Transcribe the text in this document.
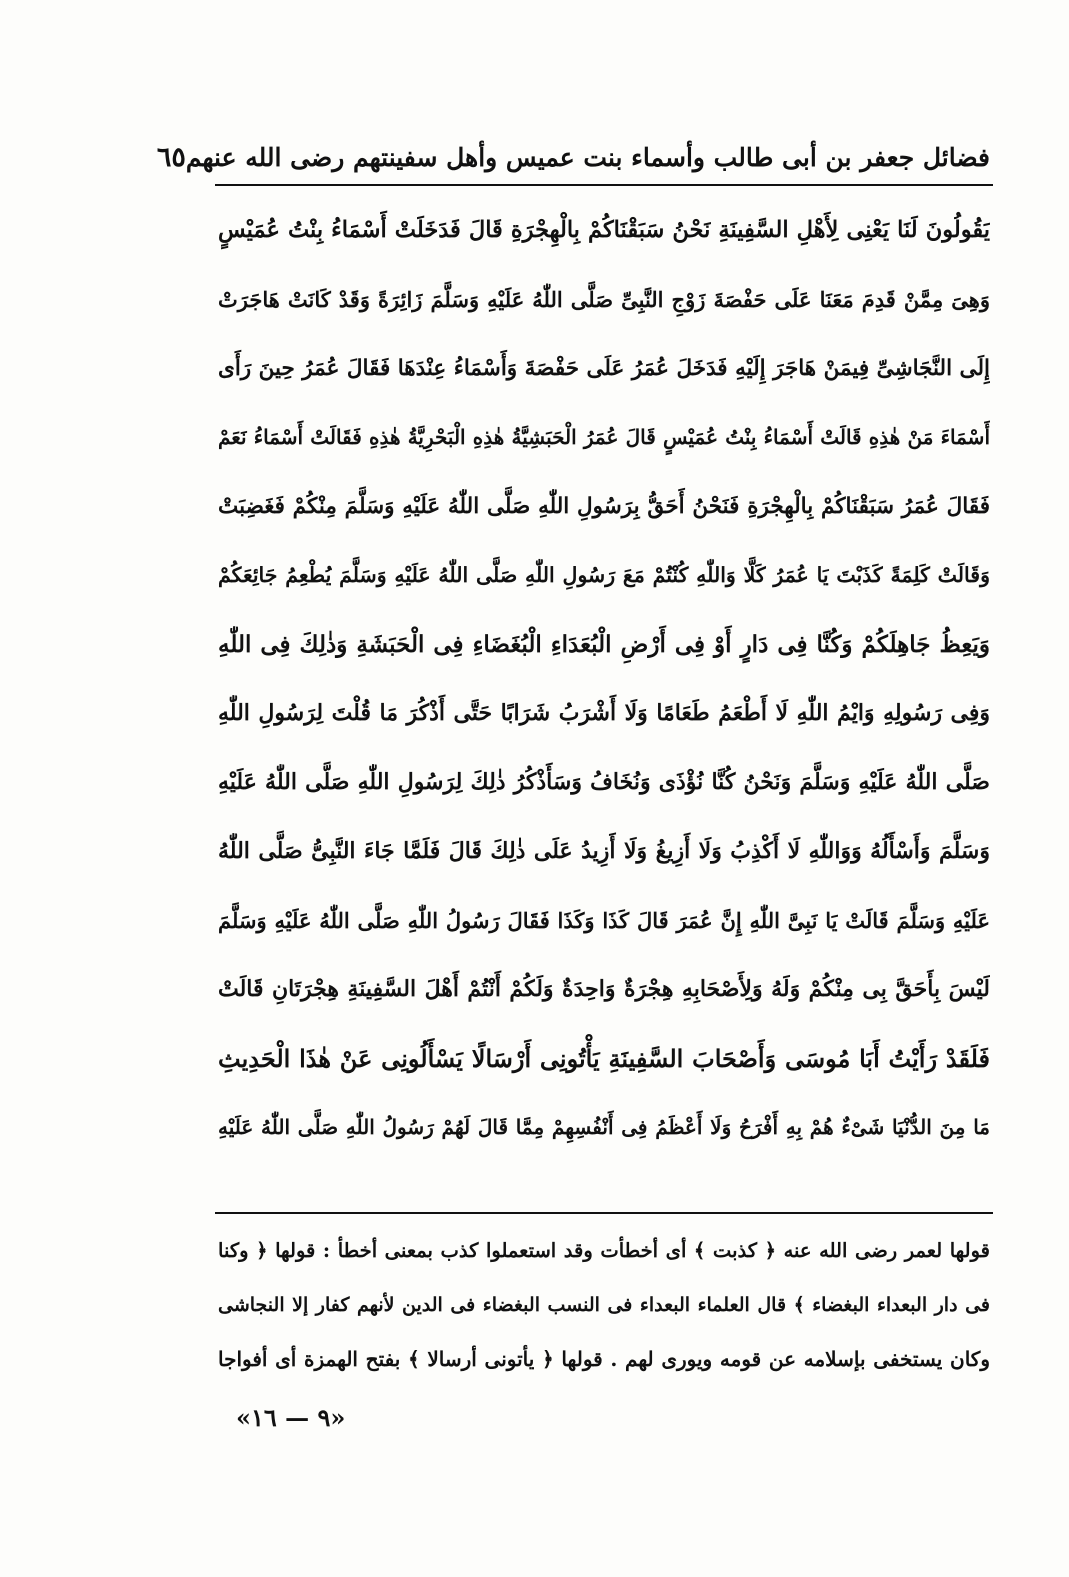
فضائل جعفر بن أبى طالب وأسماء بنت عميس وأهل سفينتهم رضى الله عنهم
٦٥
يَقُولُونَ لَنَا يَعْنِى لِأَهْلِ السَّفِينَةِ نَحْنُ سَبَقْنَاكُمْ بِالْهِجْرَةِ قَالَ فَدَخَلَتْ أَسْمَاءُ بِنْتُ عُمَيْسٍ
وَهِىَ مِمَّنْ قَدِمَ مَعَنَا عَلَى حَفْصَةَ زَوْجِ النَّبِىِّ صَلَّى اللّٰهُ عَلَيْهِ وَسَلَّمَ زَائِرَةً وَقَدْ كَانَتْ هَاجَرَتْ
إِلَى النَّجَاشِىِّ فِيمَنْ هَاجَرَ إِلَيْهِ فَدَخَلَ عُمَرُ عَلَى حَفْصَةَ وَأَسْمَاءُ عِنْدَهَا فَقَالَ عُمَرُ حِينَ رَأَى
أَسْمَاءَ مَنْ هٰذِهِ قَالَتْ أَسْمَاءُ بِنْتُ عُمَيْسٍ قَالَ عُمَرُ الْحَبَشِيَّةُ هٰذِهِ الْبَحْرِيَّةُ هٰذِهِ فَقَالَتْ أَسْمَاءُ نَعَمْ
فَقَالَ عُمَرُ سَبَقْنَاكُمْ بِالْهِجْرَةِ فَنَحْنُ أَحَقُّ بِرَسُولِ اللّٰهِ صَلَّى اللّٰهُ عَلَيْهِ وَسَلَّمَ مِنْكُمْ فَغَضِبَتْ
وَقَالَتْ كَلِمَةً كَذَبْتَ يَا عُمَرُ كَلَّا وَاللّٰهِ كُنْتُمْ مَعَ رَسُولِ اللّٰهِ صَلَّى اللّٰهُ عَلَيْهِ وَسَلَّمَ يُطْعِمُ جَائِعَكُمْ
وَيَعِظُ جَاهِلَكُمْ وَكُنَّا فِى دَارٍ أَوْ فِى أَرْضِ الْبُعَدَاءِ الْبُغَضَاءِ فِى الْحَبَشَةِ وَذٰلِكَ فِى اللّٰهِ
وَفِى رَسُولِهِ وَايْمُ اللّٰهِ لَا أَطْعَمُ طَعَامًا وَلَا أَشْرَبُ شَرَابًا حَتَّى أَذْكُرَ مَا قُلْتَ لِرَسُولِ اللّٰهِ
صَلَّى اللّٰهُ عَلَيْهِ وَسَلَّمَ وَنَحْنُ كُنَّا نُؤْذَى وَنُخَافُ وَسَأَذْكُرُ ذٰلِكَ لِرَسُولِ اللّٰهِ صَلَّى اللّٰهُ عَلَيْهِ
وَسَلَّمَ وَأَسْأَلُهُ وَوَاللّٰهِ لَا أَكْذِبُ وَلَا أَزِيغُ وَلَا أَزِيدُ عَلَى ذٰلِكَ قَالَ فَلَمَّا جَاءَ النَّبِىُّ صَلَّى اللّٰهُ
عَلَيْهِ وَسَلَّمَ قَالَتْ يَا نَبِىَّ اللّٰهِ إِنَّ عُمَرَ قَالَ كَذَا وَكَذَا فَقَالَ رَسُولُ اللّٰهِ صَلَّى اللّٰهُ عَلَيْهِ وَسَلَّمَ
لَيْسَ بِأَحَقَّ بِى مِنْكُمْ وَلَهُ وَلِأَصْحَابِهِ هِجْرَةٌ وَاحِدَةٌ وَلَكُمْ أَنْتُمْ أَهْلَ السَّفِينَةِ هِجْرَتَانِ قَالَتْ
فَلَقَدْ رَأَيْتُ أَبَا مُوسَى وَأَصْحَابَ السَّفِينَةِ يَأْتُونِى أَرْسَالًا يَسْأَلُونِى عَنْ هٰذَا الْحَدِيثِ
مَا مِنَ الدُّنْيَا شَىْءٌ هُمْ بِهِ أَفْرَحُ وَلَا أَعْظَمُ فِى أَنْفُسِهِمْ مِمَّا قَالَ لَهُمْ رَسُولُ اللّٰهِ صَلَّى اللّٰهُ عَلَيْهِ
قولها لعمر رضى الله عنه ﴿ كذبت ﴾ أى أخطأت وقد استعملوا كذب بمعنى أخطأ : قولها ﴿ وكنا
فى دار البعداء البغضاء ﴾ قال العلماء البعداء فى النسب البغضاء فى الدين لأنهم كفار إلا النجاشى
وكان يستخفى بإسلامه عن قومه ويورى لهم . قولها ﴿ يأتونى أرسالا ﴾ بفتح الهمزة أى أفواجا
«٩ — ١٦»
